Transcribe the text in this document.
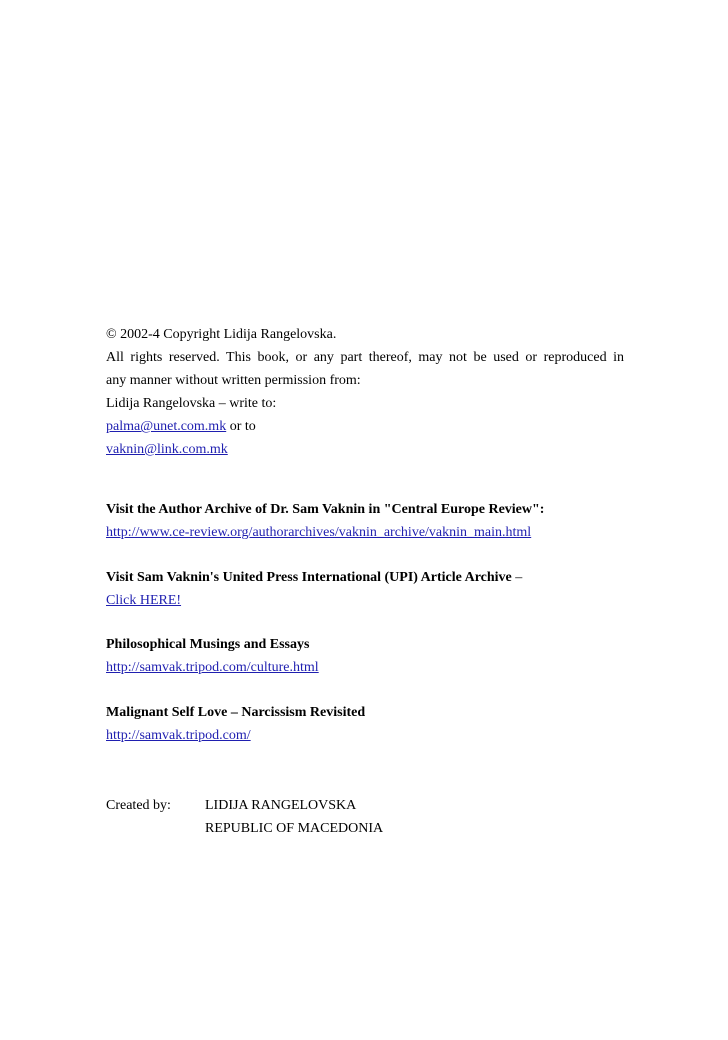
© 2002-4 Copyright Lidija Rangelovska.
All rights reserved. This book, or any part thereof, may not be used or reproduced in
any manner without written permission from:
Lidija Rangelovska – write to:
palma@unet.com.mk or to
vaknin@link.com.mk
Visit the Author Archive of Dr. Sam Vaknin in "Central Europe Review":
http://www.ce-review.org/authorarchives/vaknin_archive/vaknin_main.html
Visit Sam Vaknin's United Press International (UPI) Article Archive –
Click HERE!
Philosophical Musings and Essays
http://samvak.tripod.com/culture.html
Malignant Self Love – Narcissism Revisited
http://samvak.tripod.com/
Created by: LIDIJA RANGELOVSKA
REPUBLIC OF MACEDONIA
